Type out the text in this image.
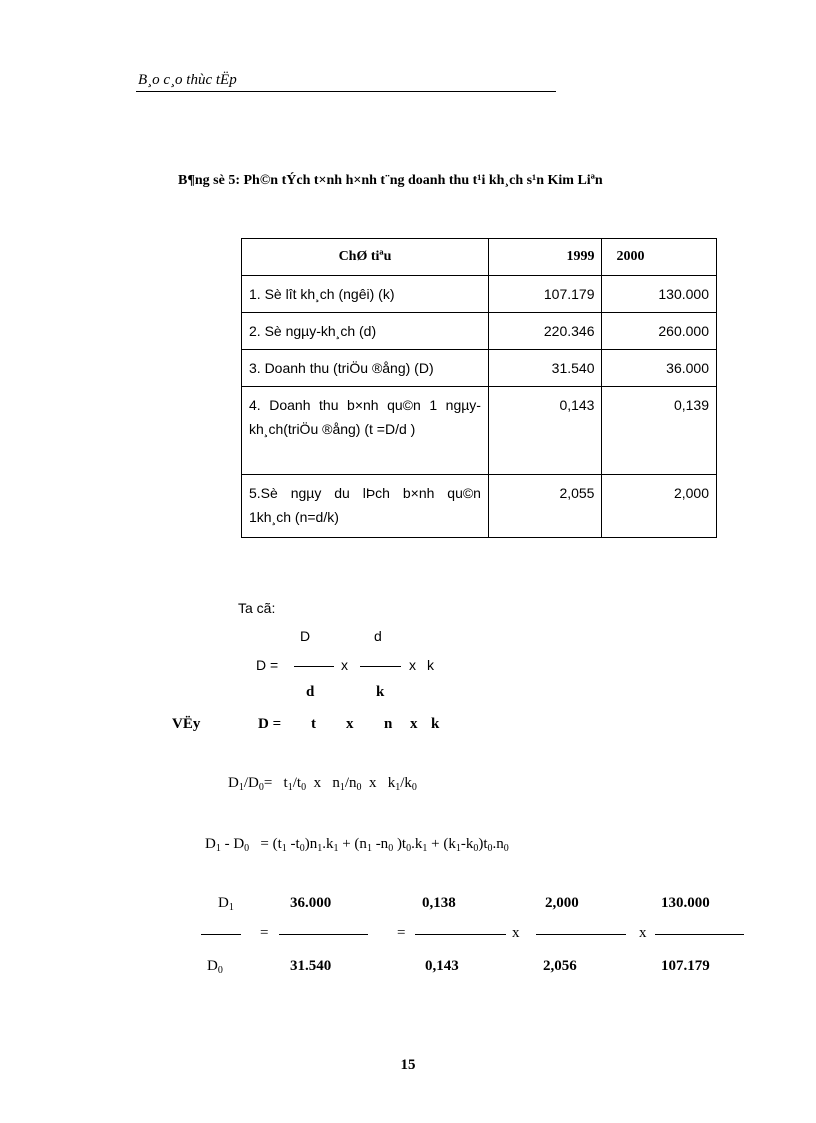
B¸o c¸o thùc tËp
B¶ng sè 5: Ph©n tÝch t×nh h×nh t¨ng doanh thu t¹i kh¸ch s¹n Kim Liªn
ChØ tiªu	1999	2000
1. Sè lît kh¸ch (ngêi) (k)	107.179	130.000
2. Sè ngµy-kh¸ch (d)	220.346	260.000
3. Doanh thu (triÖu ®ång) (D)	31.540	36.000
4. Doanh thu b×nh qu©n 1 ngµy-kh¸ch(triÖu ®ång) (t =D/d )	0,143	0,139
5.Sè ngµy du lÞch b×nh qu©n 1kh¸ch (n=d/k)	2,055	2,000
Ta cã:
D	d
D =	x	x k
d	k
VËy	D = t x n x k
$D_1/D_0= t_1/t_0$  x   $n_1/n_0$  x   $k_1/k_0$
$D_1 - D_0 = (t_1$ $-t_0)n_1.k_1 + (n_1$ $-n_0$ )$t_0.k_1 + (k_1-k_0)t_0.n_0$
$D_1$	36.000	0,138	2,000	130.000
=	=	x	x
$D_0$	31.540	0,143	2,056	107.179
15
